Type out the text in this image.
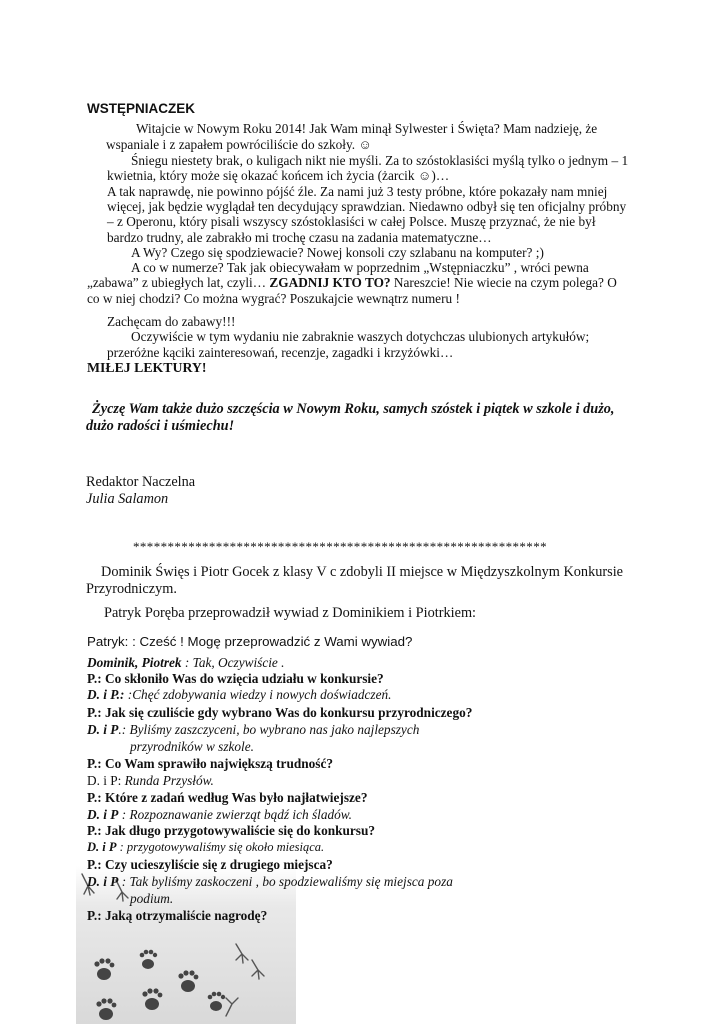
WSTĘPNIACZEK
Witajcie w Nowym Roku 2014! Jak Wam minął Sylwester i Święta? Mam nadzieję, że
wspaniale i z zapałem powróciliście do szkoły. ☺
Śniegu niestety brak, o kuligach nikt nie myśli. Za to szóstoklasiści myślą tylko o jednym – 1
kwietnia, który może się okazać końcem ich życia (żarcik ☺)…
A tak naprawdę, nie powinno pójść źle. Za nami już 3 testy próbne, które pokazały nam mniej
więcej, jak będzie wyglądał ten decydujący sprawdzian. Niedawno odbył się ten oficjalny próbny
– z Operonu, który pisali wszyscy szóstoklasiści w całej Polsce. Muszę przyznać, że nie był
bardzo trudny, ale zabrakło mi trochę czasu na zadania matematyczne…
A Wy? Czego się spodziewacie? Nowej konsoli czy szlabanu na komputer? ;)
A co w numerze? Tak jak obiecywałam w poprzednim „Wstępniaczku” , wróci pewna
„zabawa” z ubiegłych lat, czyli… ZGADNIJ KTO TO? Nareszcie! Nie wiecie na czym polega? O
co w niej chodzi? Co można wygrać? Poszukajcie wewnątrz numeru !
Zachęcam do zabawy!!!
Oczywiście w tym wydaniu nie zabraknie waszych dotychczas ulubionych artykułów;
przeróżne kąciki zainteresowań, recenzje, zagadki i krzyżówki…
MIŁEJ LEKTURY!
Życzę Wam także dużo szczęścia w Nowym Roku, samych szóstek i piątek w szkole i dużo,
dużo radości i uśmiechu!
Redaktor Naczelna
Julia Salamon
************************************************************
Dominik Święs i Piotr Gocek z klasy V c zdobyli II miejsce w Międzyszkolnym Konkursie
Przyrodniczym.
Patryk Poręba przeprowadził wywiad z Dominikiem i Piotrkiem:
Patryk: : Cześć ! Mogę przeprowadzić z Wami wywiad?
Dominik, Piotrek : Tak, Oczywiście .
P.: Co skłoniło Was do wzięcia udziału w konkursie?
D. i P.: :Chęć zdobywania wiedzy i nowych doświadczeń.
P.: Jak się czuliście gdy wybrano Was do konkursu przyrodniczego?
D. i P.: Byliśmy zaszczyceni, bo wybrano nas jako najlepszych
przyrodników w szkole.
P.: Co Wam sprawiło największą trudność?
D. i P: Runda Przysłów.
P.: Które z zadań według Was było najłatwiejsze?
D. i P : Rozpoznawanie zwierząt bądź ich śladów.
P.: Jak długo przygotowywaliście się do konkursu?
D. i P : przygotowywaliśmy się około miesiąca.
P.: Czy ucieszyliście się z drugiego miejsca?
D. i P : Tak byliśmy zaskoczeni , bo spodziewaliśmy się miejsca poza
podium.
P.: Jaką otrzymaliście nagrodę?
